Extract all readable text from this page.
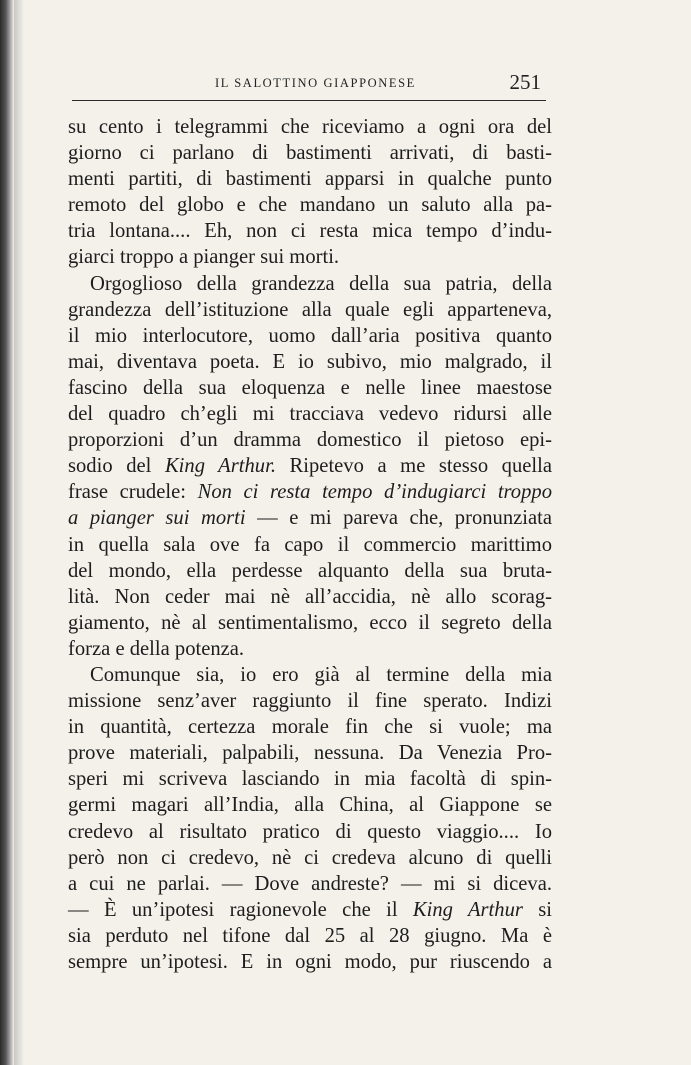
IL SALOTTINO GIAPPONESE	251
su cento i telegrammi che riceviamo a ogni ora del
giorno ci parlano di bastimenti arrivati, di basti-
menti partiti, di bastimenti apparsi in qualche punto
remoto del globo e che mandano un saluto alla pa-
tria lontana.... Eh, non ci resta mica tempo d’indu-
giarci troppo a pianger sui morti.
Orgoglioso della grandezza della sua patria, della
grandezza dell’istituzione alla quale egli apparteneva,
il mio interlocutore, uomo dall’aria positiva quanto
mai, diventava poeta. E io subivo, mio malgrado, il
fascino della sua eloquenza e nelle linee maestose
del quadro ch’egli mi tracciava vedevo ridursi alle
proporzioni d’un dramma domestico il pietoso epi-
sodio del King Arthur. Ripetevo a me stesso quella
frase crudele: Non ci resta tempo d’indugiarci troppo
a pianger sui morti — e mi pareva che, pronunziata
in quella sala ove fa capo il commercio marittimo
del mondo, ella perdesse alquanto della sua bruta-
lità. Non ceder mai nè all’accidia, nè allo scorag-
giamento, nè al sentimentalismo, ecco il segreto della
forza e della potenza.
Comunque sia, io ero già al termine della mia
missione senz’aver raggiunto il fine sperato. Indizi
in quantità, certezza morale fin che si vuole; ma
prove materiali, palpabili, nessuna. Da Venezia Pro-
speri mi scriveva lasciando in mia facoltà di spin-
germi magari all’India, alla China, al Giappone se
credevo al risultato pratico di questo viaggio.... Io
però non ci credevo, nè ci credeva alcuno di quelli
a cui ne parlai. — Dove andreste? — mi si diceva.
— È un’ipotesi ragionevole che il King Arthur si
sia perduto nel tifone dal 25 al 28 giugno. Ma è
sempre un’ipotesi. E in ogni modo, pur riuscendo a
